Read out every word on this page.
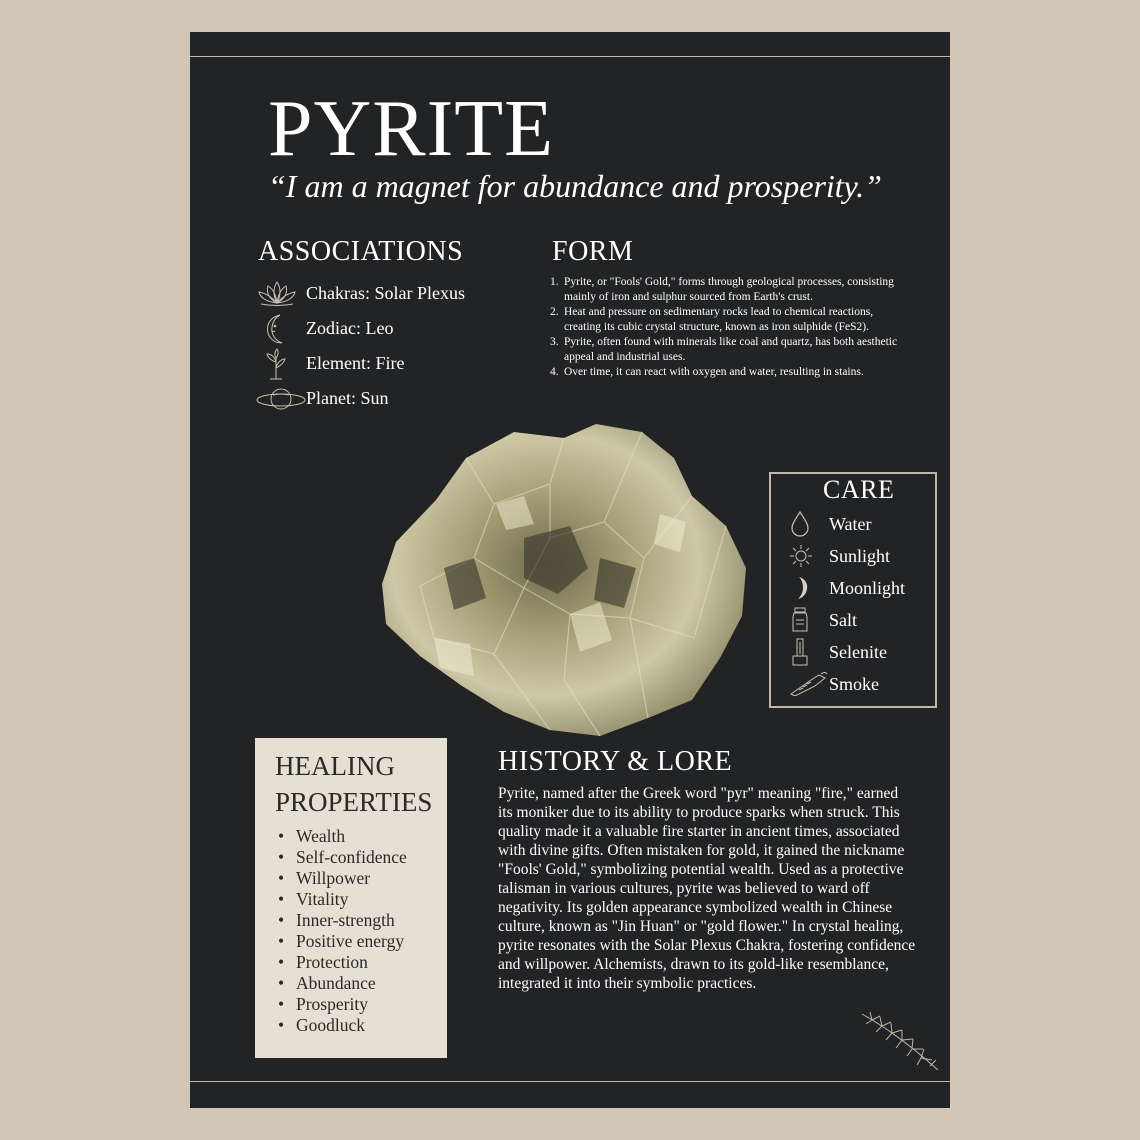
PYRITE

“I am a magnet for abundance and prosperity.”

ASSOCIATIONS
Chakras: Solar Plexus
Zodiac: Leo
Element: Fire
Planet: Sun
FORM
1. Pyrite, or "Fools' Gold," forms through geological processes, consisting mainly of iron and sulphur sourced from Earth's crust.
2. Heat and pressure on sedimentary rocks lead to chemical reactions, creating its cubic crystal structure, known as iron sulphide (FeS2).
3. Pyrite, often found with minerals like coal and quartz, has both aesthetic appeal and industrial uses.
4. Over time, it can react with oxygen and water, resulting in stains.
CARE
Water
Sunlight
Moonlight
Salt
Selenite
Smoke
HEALING
PROPERTIES
• Wealth
• Self-confidence
• Willpower
• Vitality
• Inner-strength
• Positive energy
• Protection
• Abundance
• Prosperity
• Goodluck
HISTORY & LORE

Pyrite, named after the Greek word "pyr" meaning "fire," earned its moniker due to its ability to produce sparks when struck. This quality made it a valuable fire starter in ancient times, associated with divine gifts. Often mistaken for gold, it gained the nickname "Fools' Gold," symbolizing potential wealth. Used as a protective talisman in various cultures, pyrite was believed to ward off negativity. Its golden appearance symbolized wealth in Chinese culture, known as "Jin Huan" or "gold flower." In crystal healing, pyrite resonates with the Solar Plexus Chakra, fostering confidence and willpower. Alchemists, drawn to its gold-like resemblance, integrated it into their symbolic practices.
